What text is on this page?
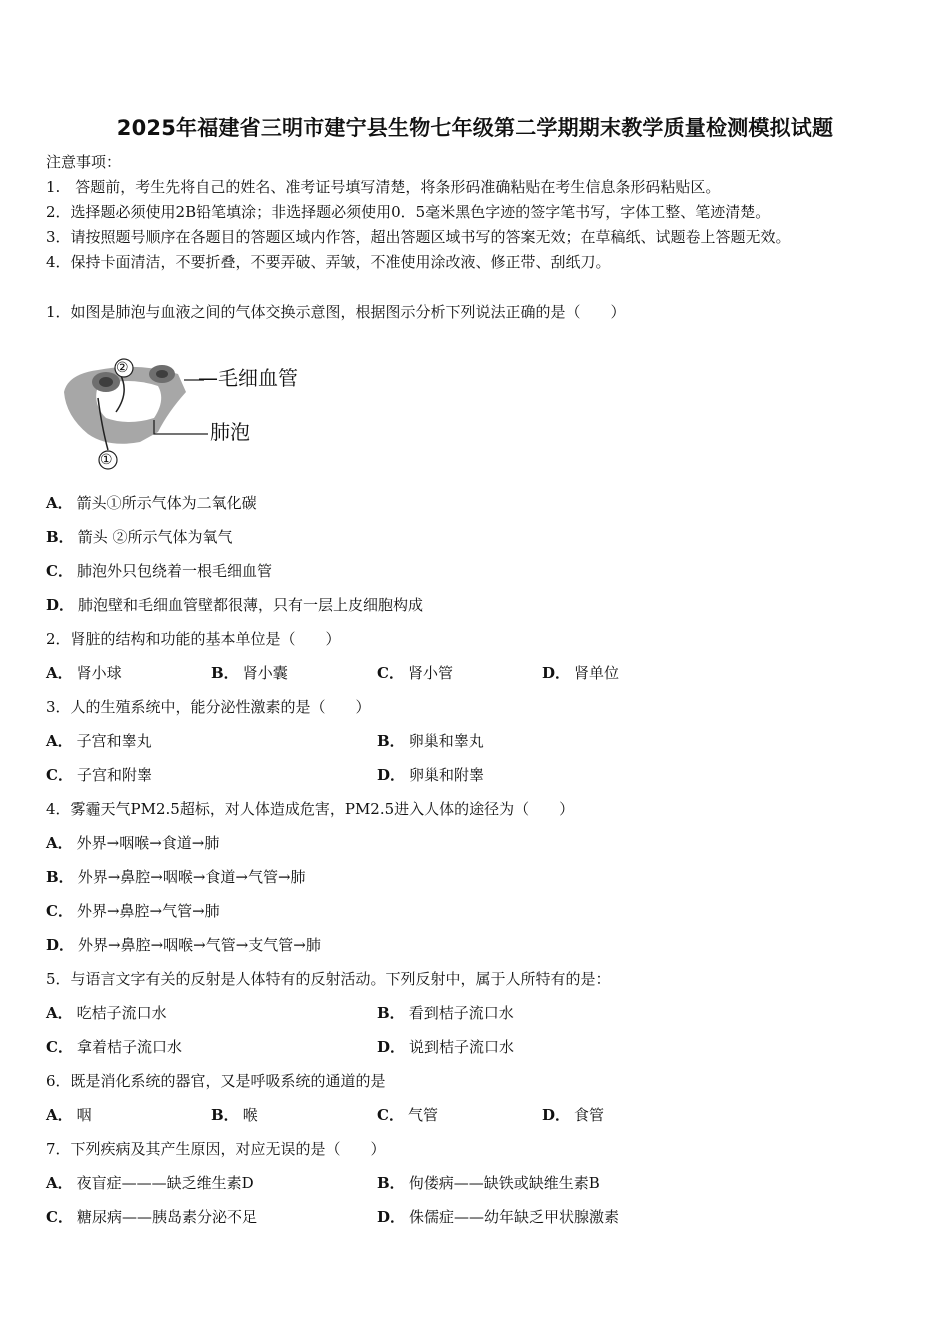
2025年福建省三明市建宁县生物七年级第二学期期末教学质量检测模拟试题
注意事项：
1.　答题前，考生先将自己的姓名、准考证号填写清楚，将条形码准确粘贴在考生信息条形码粘贴区。
2．选择题必须使用2B铅笔填涂；非选择题必须使用0．5毫米黑色字迹的签字笔书写，字体工整、笔迹清楚。
3．请按照题号顺序在各题目的答题区域内作答，超出答题区域书写的答案无效；在草稿纸、试题卷上答题无效。
4．保持卡面清洁，不要折叠，不要弄破、弄皱，不准使用涂改液、修正带、刮纸刀。
1．如图是肺泡与血液之间的气体交换示意图，根据图示分析下列说法正确的是（　　）
②
①
—毛细血管
肺泡
A． 箭头①所示气体为二氧化碳
B． 箭头 ②所示气体为氧气
C． 肺泡外只包绕着一根毛细血管
D． 肺泡壁和毛细血管壁都很薄，只有一层上皮细胞构成
2．肾脏的结构和功能的基本单位是（　　）
A． 肾小球	B． 肾小囊	C． 肾小管	D． 肾单位
3．人的生殖系统中，能分泌性激素的是（　　）
A． 子宫和睾丸	B． 卵巢和睾丸
C． 子宫和附睾	D． 卵巢和附睾
4．雾霾天气PM2.5超标，对人体造成危害，PM2.5进入人体的途径为（　　）
A． 外界→咽喉→食道→肺
B． 外界→鼻腔→咽喉→食道→气管→肺
C． 外界→鼻腔→气管→肺
D． 外界→鼻腔→咽喉→气管→支气管→肺
5．与语言文字有关的反射是人体特有的反射活动。下列反射中，属于人所特有的是：
A． 吃桔子流口水	B． 看到桔子流口水
C． 拿着桔子流口水	D． 说到桔子流口水
6．既是消化系统的器官，又是呼吸系统的通道的是
A． 咽	B． 喉	C． 气管	D． 食管
7．下列疾病及其产生原因，对应无误的是（　　）
A． 夜盲症———缺乏维生素D	B． 佝偻病——缺铁或缺维生素B
C． 糖尿病——胰岛素分泌不足	D． 侏儒症——幼年缺乏甲状腺激素
